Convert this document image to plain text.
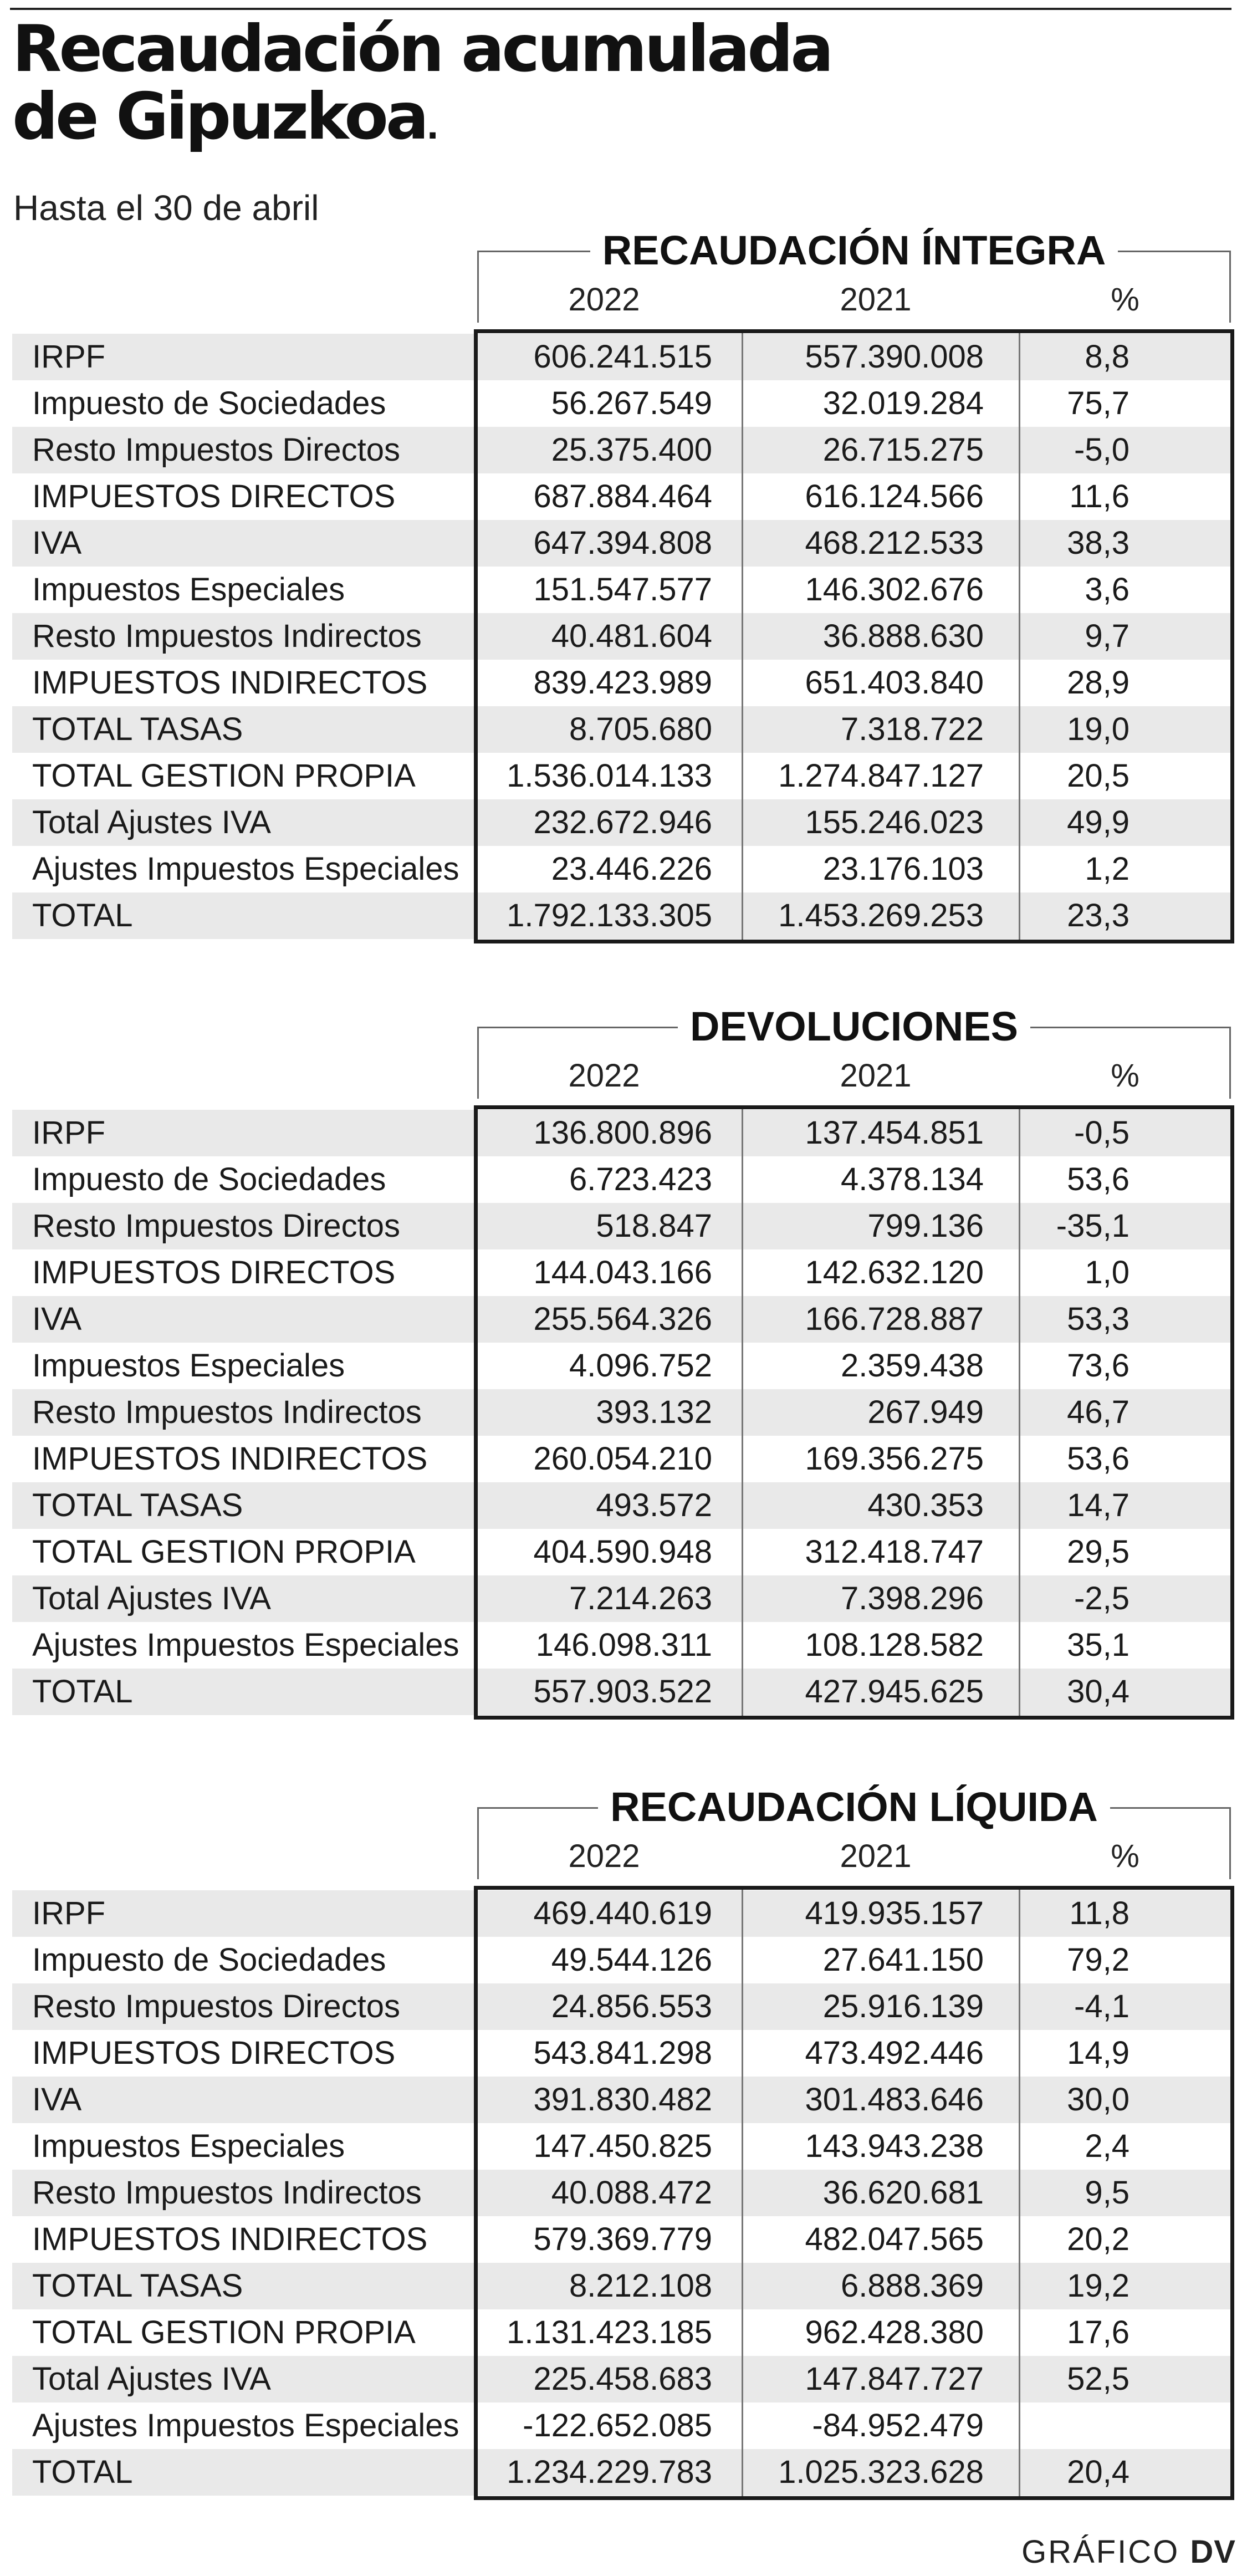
Recaudación acumulada
de Gipuzkoa.
Hasta el 30 de abril
RECAUDACIÓN ÍNTEGRA
2022	2021	%
IRPF	606.241.515	557.390.008	8,8
Impuesto de Sociedades	56.267.549	32.019.284	75,7
Resto Impuestos Directos	25.375.400	26.715.275	-5,0
IMPUESTOS DIRECTOS	687.884.464	616.124.566	11,6
IVA	647.394.808	468.212.533	38,3
Impuestos Especiales	151.547.577	146.302.676	3,6
Resto Impuestos Indirectos	40.481.604	36.888.630	9,7
IMPUESTOS INDIRECTOS	839.423.989	651.403.840	28,9
TOTAL TASAS	8.705.680	7.318.722	19,0
TOTAL GESTION PROPIA	1.536.014.133 1.274.847.127	20,5
Total Ajustes IVA	232.672.946	155.246.023	49,9
Ajustes Impuestos Especiales	23.446.226	23.176.103	1,2
TOTAL	1.792.133.305 1.453.269.253	23,3
DEVOLUCIONES
2022	2021	%
IRPF	136.800.896	137.454.851	-0,5
Impuesto de Sociedades	6.723.423	4.378.134	53,6
Resto Impuestos Directos	518.847	799.136	-35,1
IMPUESTOS DIRECTOS	144.043.166	142.632.120	1,0
IVA	255.564.326	166.728.887	53,3
Impuestos Especiales	4.096.752	2.359.438	73,6
Resto Impuestos Indirectos	393.132	267.949	46,7
IMPUESTOS INDIRECTOS	260.054.210	169.356.275	53,6
TOTAL TASAS	493.572	430.353	14,7
TOTAL GESTION PROPIA	404.590.948	312.418.747	29,5
Total Ajustes IVA	7.214.263	7.398.296	-2,5
Ajustes Impuestos Especiales	146.098.311	108.128.582	35,1
TOTAL	557.903.522	427.945.625	30,4
RECAUDACIÓN LÍQUIDA
2022	2021	%
IRPF	469.440.619	419.935.157	11,8
Impuesto de Sociedades	49.544.126	27.641.150	79,2
Resto Impuestos Directos	24.856.553	25.916.139	-4,1
IMPUESTOS DIRECTOS	543.841.298	473.492.446	14,9
IVA	391.830.482	301.483.646	30,0
Impuestos Especiales	147.450.825	143.943.238	2,4
Resto Impuestos Indirectos	40.088.472	36.620.681	9,5
IMPUESTOS INDIRECTOS	579.369.779	482.047.565	20,2
TOTAL TASAS	8.212.108	6.888.369	19,2
TOTAL GESTION PROPIA	1.131.423.185	962.428.380	17,6
Total Ajustes IVA	225.458.683	147.847.727	52,5
Ajustes Impuestos Especiales	-122.652.085	-84.952.479
TOTAL	1.234.229.783 1.025.323.628	20,4
GRÁFICO DV
